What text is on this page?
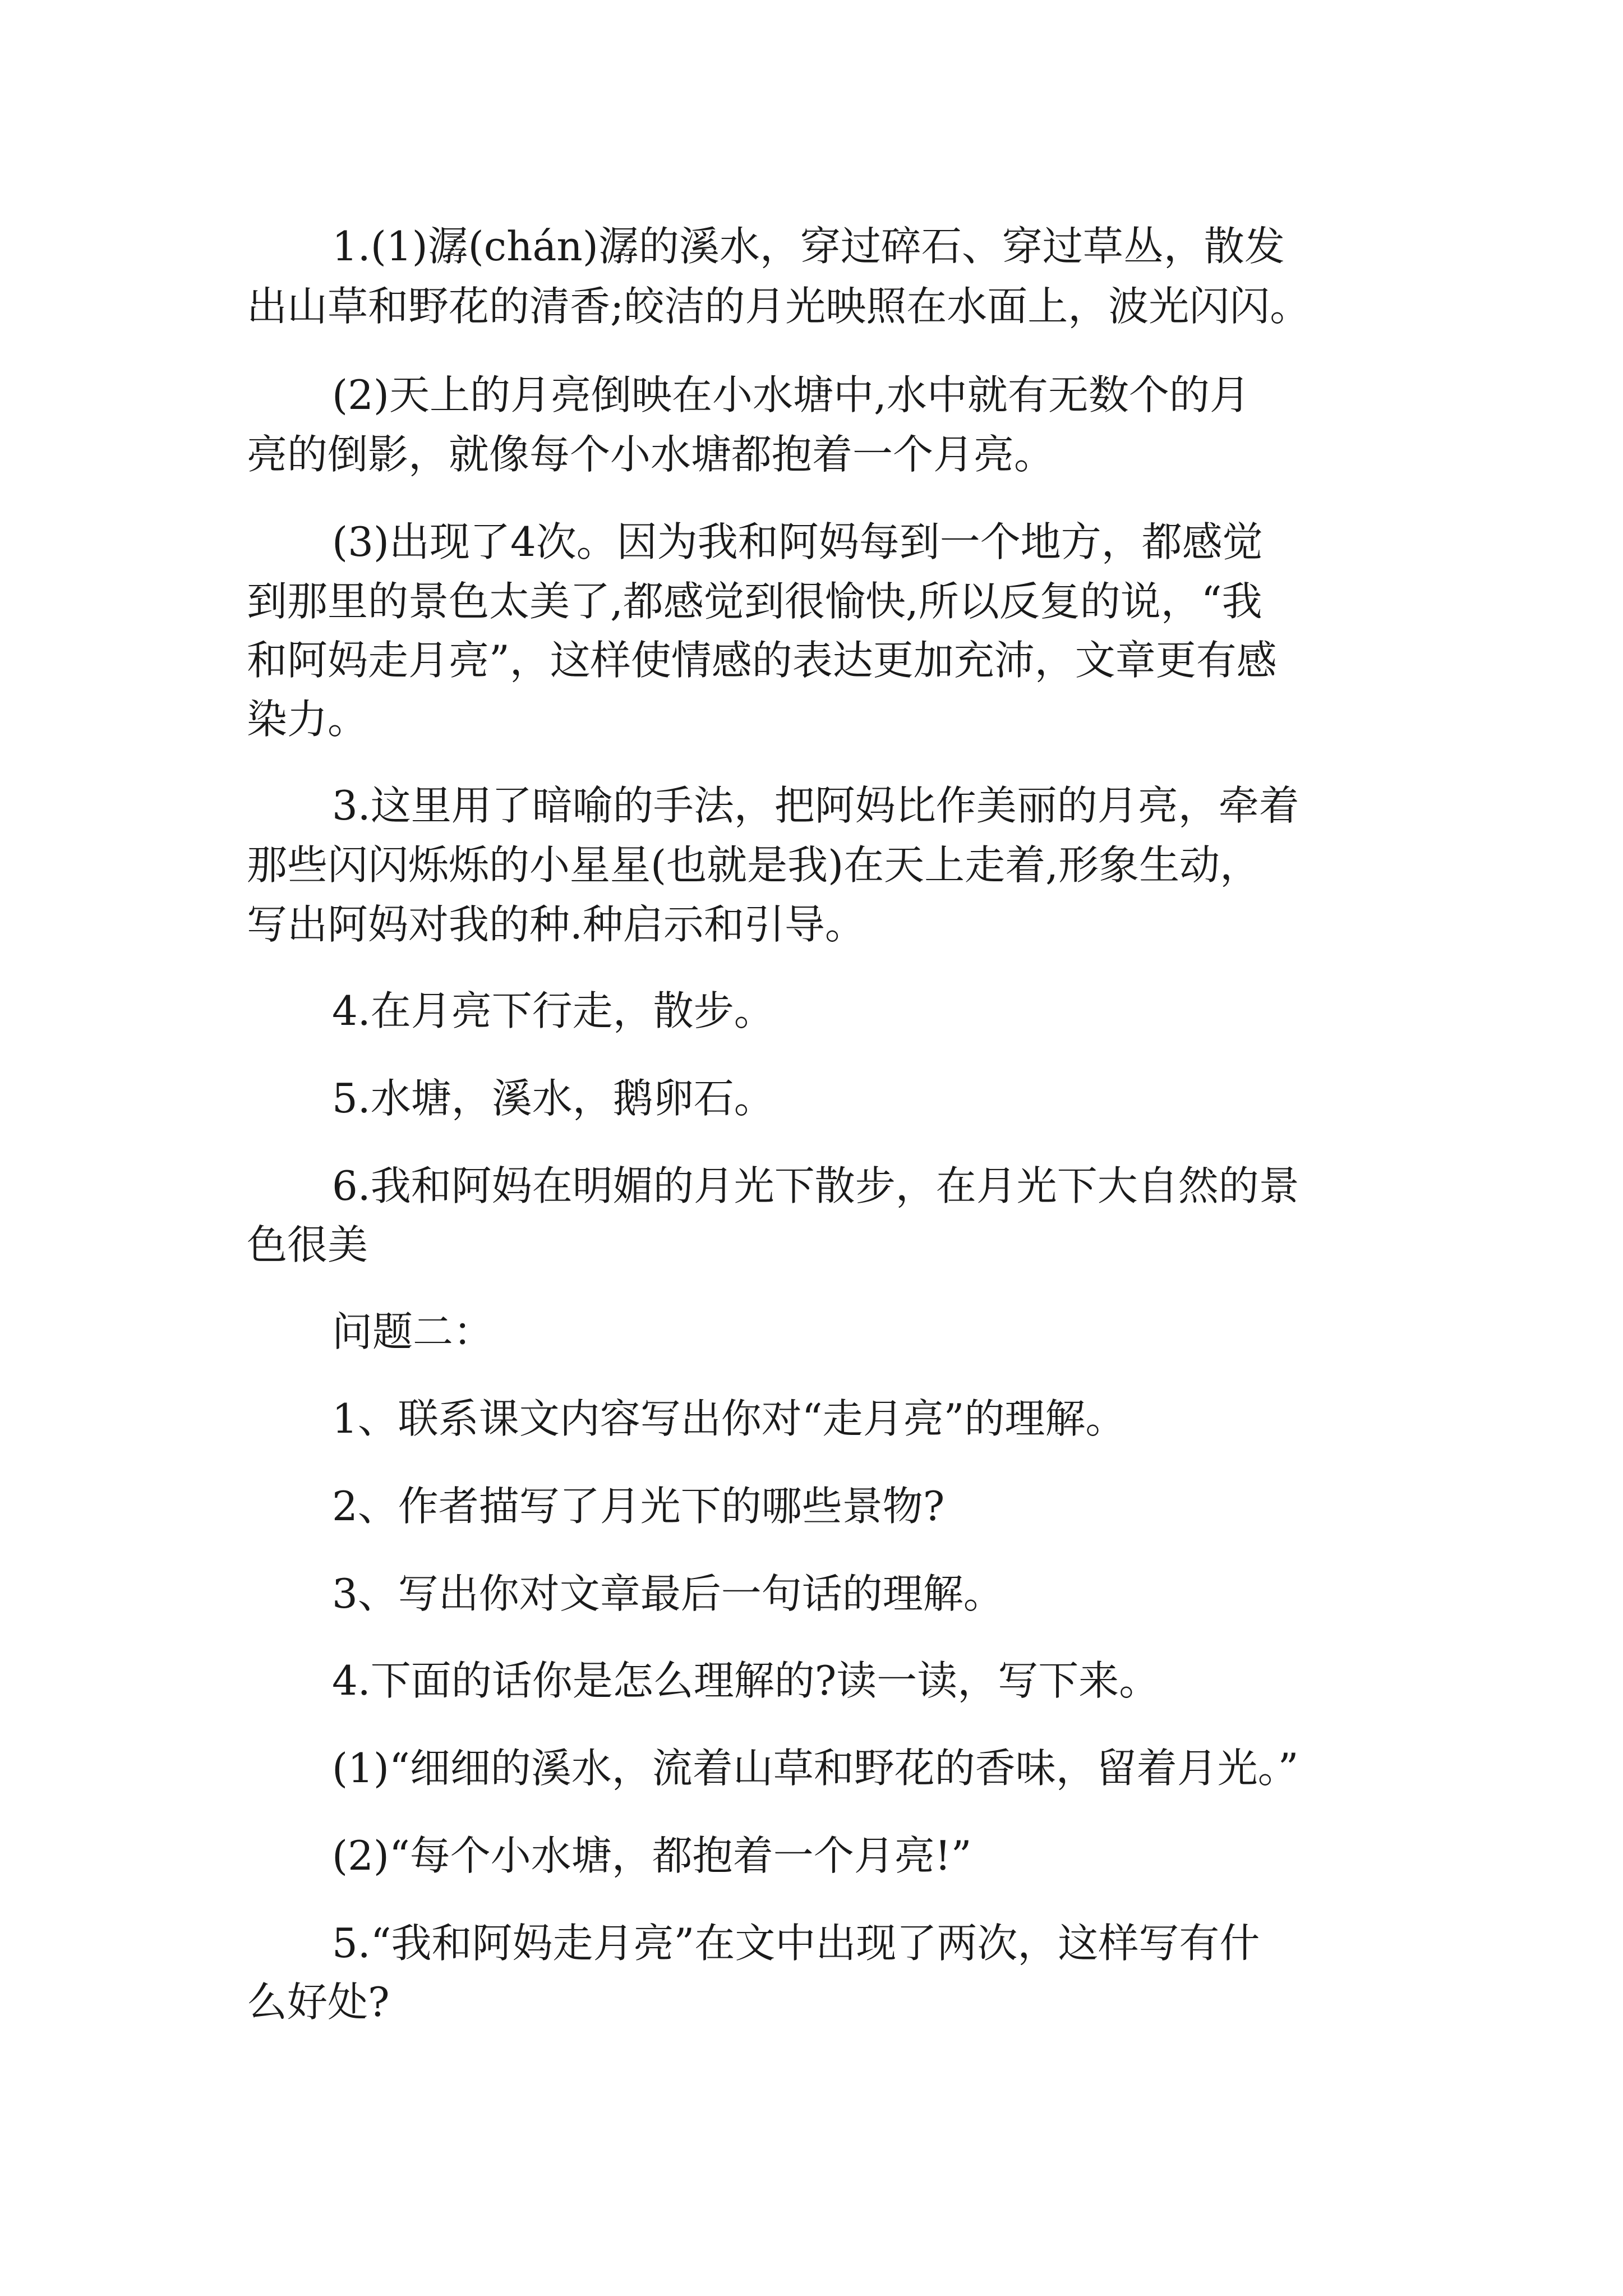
1.(1)潺(chán)潺的溪水，穿过碎石、穿过草丛，散发
出山草和野花的清香;皎洁的月光映照在水面上，波光闪闪。
(2)天上的月亮倒映在小水塘中,水中就有无数个的月
亮的倒影，就像每个小水塘都抱着一个月亮。
(3)出现了4次。因为我和阿妈每到一个地方，都感觉
到那里的景色太美了,都感觉到很愉快,所以反复的说，“我
和阿妈走月亮”，这样使情感的表达更加充沛，文章更有感
染力。
3.这里用了暗喻的手法，把阿妈比作美丽的月亮，牵着
那些闪闪烁烁的小星星(也就是我)在天上走着,形象生动，
写出阿妈对我的种.种启示和引导。
4.在月亮下行走，散步。
5.水塘，溪水，鹅卵石。
6.我和阿妈在明媚的月光下散步，在月光下大自然的景
色很美
问题二：
1、联系课文内容写出你对“走月亮”的理解。
2、作者描写了月光下的哪些景物?
3、写出你对文章最后一句话的理解。
4.下面的话你是怎么理解的?读一读，写下来。
(1)“细细的溪水，流着山草和野花的香味，留着月光。”
(2)“每个小水塘，都抱着一个月亮!”
5.“我和阿妈走月亮”在文中出现了两次，这样写有什
么好处?
